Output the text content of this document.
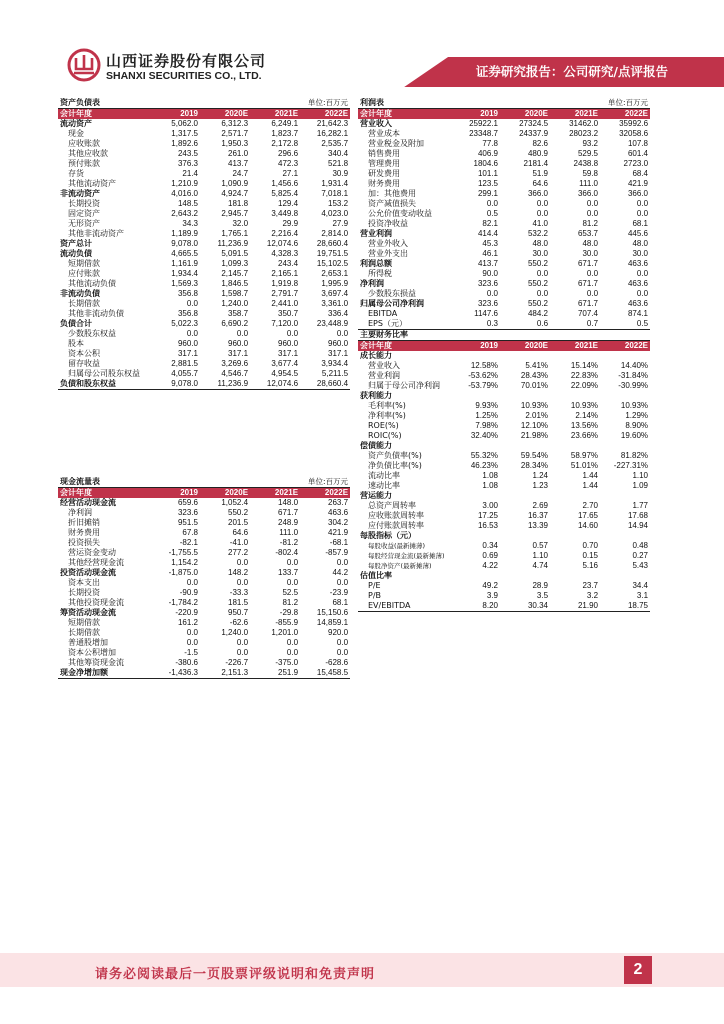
山西证券股份有限公司
SHANXI SECURITIES CO., LTD.	证券研究报告：公司研究/点评报告
资产负债表			单位:百万元	
会计年度	2019	2020E	2021E	2022E
流动资产	5,062.0	6,312.3	6,249.1	21,642.3
现金	1,317.5	2,571.7	1,823.7	16,282.1
应收账款	1,892.6	1,950.3	2,172.8	2,535.7
其他应收款	243.5	261.0	296.6	340.4
预付账款	376.3	413.7	472.3	521.8
存货	21.4	24.7	27.1	30.9
其他流动资产	1,210.9	1,090.9	1,456.6	1,931.4
非流动资产	4,016.0	4,924.7	5,825.4	7,018.1
长期投资	148.5	181.8	129.4	153.2
固定资产	2,643.2	2,945.7	3,449.8	4,023.0
无形资产	34.3	32.0	29.9	27.9
其他非流动资产	1,189.9	1,765.1	2,216.4	2,814.0
资产总计	9,078.0	11,236.9	12,074.6	28,660.4
流动负债	4,665.5	5,091.5	4,328.3	19,751.5
短期借款	1,161.9	1,099.3	243.4	15,102.5
应付账款	1,934.4	2,145.7	2,165.1	2,653.1
其他流动负债	1,569.3	1,846.5	1,919.8	1,995.9
非流动负债	356.8	1,598.7	2,791.7	3,697.4
长期借款	0.0	1,240.0	2,441.0	3,361.0
其他非流动负债	356.8	358.7	350.7	336.4
负债合计	5,022.3	6,690.2	7,120.0	23,448.9
少数股东权益	0.0	0.0	0.0	0.0
股本	960.0	960.0	960.0	960.0
资本公积	317.1	317.1	317.1	317.1
留存收益	2,881.5	3,269.6	3,677.4	3,934.4
归属母公司股东权益	4,055.7	4,546.7	4,954.5	5,211.5
负债和股东权益	9,078.0	11,236.9	12,074.6	28,660.4
现金流量表			单位:百万元	
会计年度	2019	2020E	2021E	2022E
经营活动现金流	659.6	1,052.4	148.0	263.7
净利润	323.6	550.2	671.7	463.6
折旧摊销	951.5	201.5	248.9	304.2
财务费用	67.8	64.6	111.0	421.9
投资损失	-82.1	-41.0	-81.2	-68.1
营运资金变动	-1,755.5	277.2	-802.4	-857.9
其他经营现金流	1,154.2	0.0	0.0	0.0
投资活动现金流	-1,875.0	148.2	133.7	44.2
资本支出	0.0	0.0	0.0	0.0
长期投资	-90.9	-33.3	52.5	-23.9
其他投资现金流	-1,784.2	181.5	81.2	68.1
筹资活动现金流	-220.9	950.7	-29.8	15,150.6
短期借款	161.2	-62.6	-855.9	14,859.1
长期借款	0.0	1,240.0	1,201.0	920.0
普通股增加	0.0	0.0	0.0	0.0
资本公积增加	-1.5	0.0	0.0	0.0
其他筹资现金流	-380.6	-226.7	-375.0	-628.6
现金净增加额	-1,436.3	2,151.3	251.9	15,458.5
利润表			单位:百万元	
会计年度	2019	2020E	2021E	2022E
营业收入	25922.1	27324.5	31462.0	35992.6
营业成本	23348.7	24337.9	28023.2	32058.6
营业税金及附加	77.8	82.6	93.2	107.8
销售费用	406.9	480.9	529.5	601.4
管理费用	1804.6	2181.4	2438.8	2723.0
研发费用	101.1	51.9	59.8	68.4
财务费用	123.5	64.6	111.0	421.9
加：其他费用	299.1	366.0	366.0	366.0
资产减值损失	0.0	0.0	0.0	0.0
公允价值变动收益	0.5	0.0	0.0	0.0
投资净收益	82.1	41.0	81.2	68.1
营业利润	414.4	532.2	653.7	445.6
营业外收入	45.3	48.0	48.0	48.0
营业外支出	46.1	30.0	30.0	30.0
利润总额	413.7	550.2	671.7	463.6
所得税	90.0	0.0	0.0	0.0
净利润	323.6	550.2	671.7	463.6
少数股东损益	0.0	0.0	0.0	0.0
归属母公司净利润	323.6	550.2	671.7	463.6
EBITDA	1147.6	484.2	707.4	874.1
EPS（元）	0.3	0.6	0.7	0.5
主要财务比率				
会计年度	2019	2020E	2021E	2022E
成长能力				
营业收入	12.58%	5.41%	15.14%	14.40%
营业利润	-53.62%	28.43%	22.83%	-31.84%
归属于母公司净利润	-53.79%	70.01%	22.09%	-30.99%
获利能力				
毛利率(%)	9.93%	10.93%	10.93%	10.93%
净利率(%)	1.25%	2.01%	2.14%	1.29%
ROE(%)	7.98%	12.10%	13.56%	8.90%
ROIC(%)	32.40%	21.98%	23.66%	19.60%
偿债能力				
资产负债率(%)	55.32%	59.54%	58.97%	81.82%
净负债比率(%)	46.23%	28.34%	51.01%	-227.31%
流动比率	1.08	1.24	1.44	1.10
速动比率	1.08	1.23	1.44	1.09
营运能力				
总资产周转率	3.00	2.69	2.70	1.77
应收账款周转率	17.25	16.37	17.65	17.68
应付账款周转率	16.53	13.39	14.60	14.94
每股指标（元）				
每股收益(最新摊薄)	0.34	0.57	0.70	0.48
每股经营现金流(最新摊薄)	0.69	1.10	0.15	0.27
每股净资产(最新摊薄)	4.22	4.74	5.16	5.43
估值比率				
P/E	49.2	28.9	23.7	34.4
P/B	3.9	3.5	3.2	3.1
EV/EBITDA	8.20	30.34	21.90	18.75
请务必阅读最后一页股票评级说明和免责声明	2
